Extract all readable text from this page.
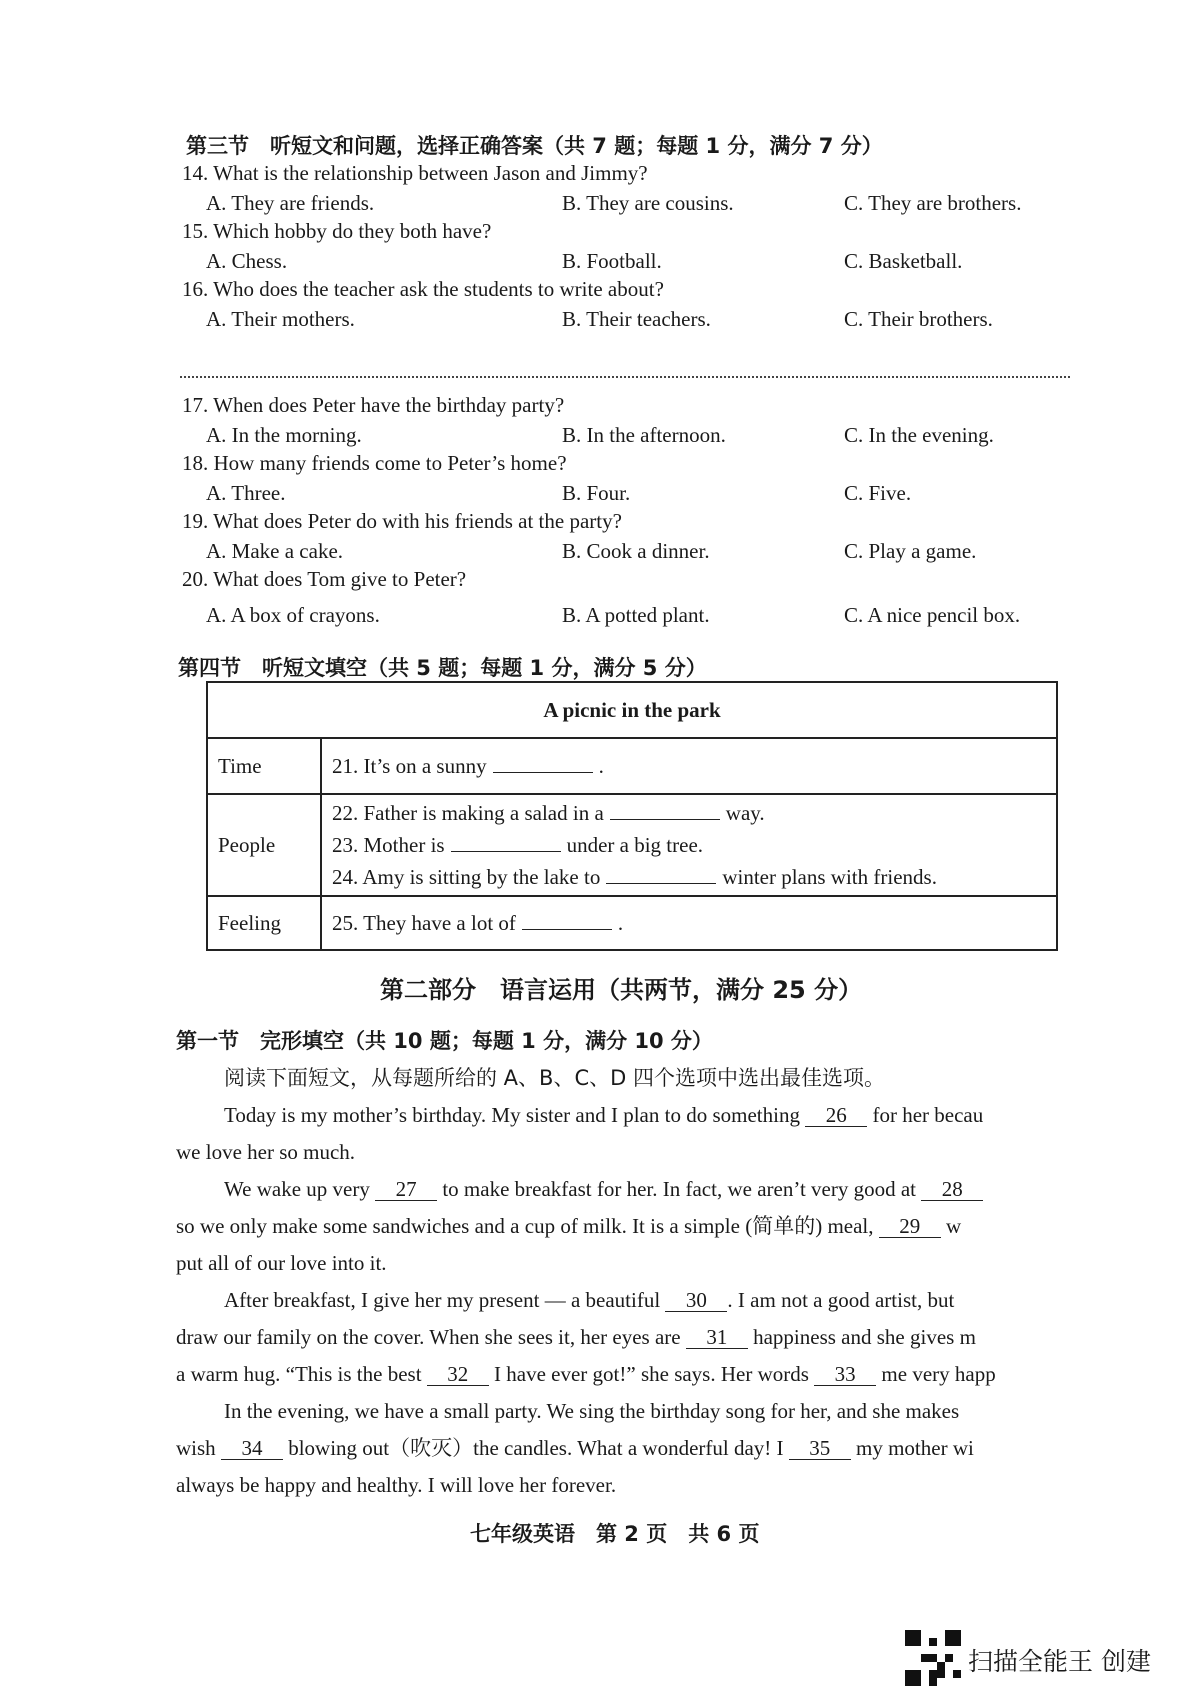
第三节　听短文和问题，选择正确答案（共 7 题；每题 1 分，满分 7 分）
14. What is the relationship between Jason and Jimmy?
A. They are friends.	B. They are cousins.	C. They are brothers.
15. Which hobby do they both have?
A. Chess.	B. Football.	C. Basketball.
16. Who does the teacher ask the students to write about?
A. Their mothers.	B. Their teachers.	C. Their brothers.
17. When does Peter have the birthday party?
A. In the morning.	B. In the afternoon.	C. In the evening.
18. How many friends come to Peter’s home?
A. Three.	B. Four.	C. Five.
19. What does Peter do with his friends at the party?
A. Make a cake.	B. Cook a dinner.	C. Play a game.
20. What does Tom give to Peter?
A. A box of crayons.	B. A potted plant.	C. A nice pencil box.
第四节　听短文填空（共 5 题；每题 1 分，满分 5 分）
A picnic in the park	
Time	21. It’s on a sunny .

People	22. Father is making a salad in a way.
23. Mother is under a big tree.
24. Amy is sitting by the lake to winter plans with friends.

Feeling	25. They have a lot of .
第二部分　语言运用（共两节，满分 25 分）
第一节　完形填空（共 10 题；每题 1 分，满分 10 分）
阅读下面短文，从每题所给的 A、B、C、D 四个选项中选出最佳选项。
Today is my mother’s birthday. My sister and I plan to do something 26 for her becau
we love her so much.
We wake up very 27 to make breakfast for her. In fact, we aren’t very good at 28
so we only make some sandwiches and a cup of milk. It is a simple (简单的) meal, 29 w
put all of our love into it.
After breakfast, I give her my present — a beautiful 30 . I am not a good artist, but
draw our family on the cover. When she sees it, her eyes are 31 happiness and she gives m
a warm hug. “This is the best 32 I have ever got!” she says. Her words 33 me very happ
In the evening, we have a small party. We sing the birthday song for her, and she makes
wish 34 blowing out（吹灭）the candles. What a wonderful day! I 35 my mother wi
always be happy and healthy. I will love her forever.
七年级英语　第 2 页　共 6 页
扫描全能王 创建
